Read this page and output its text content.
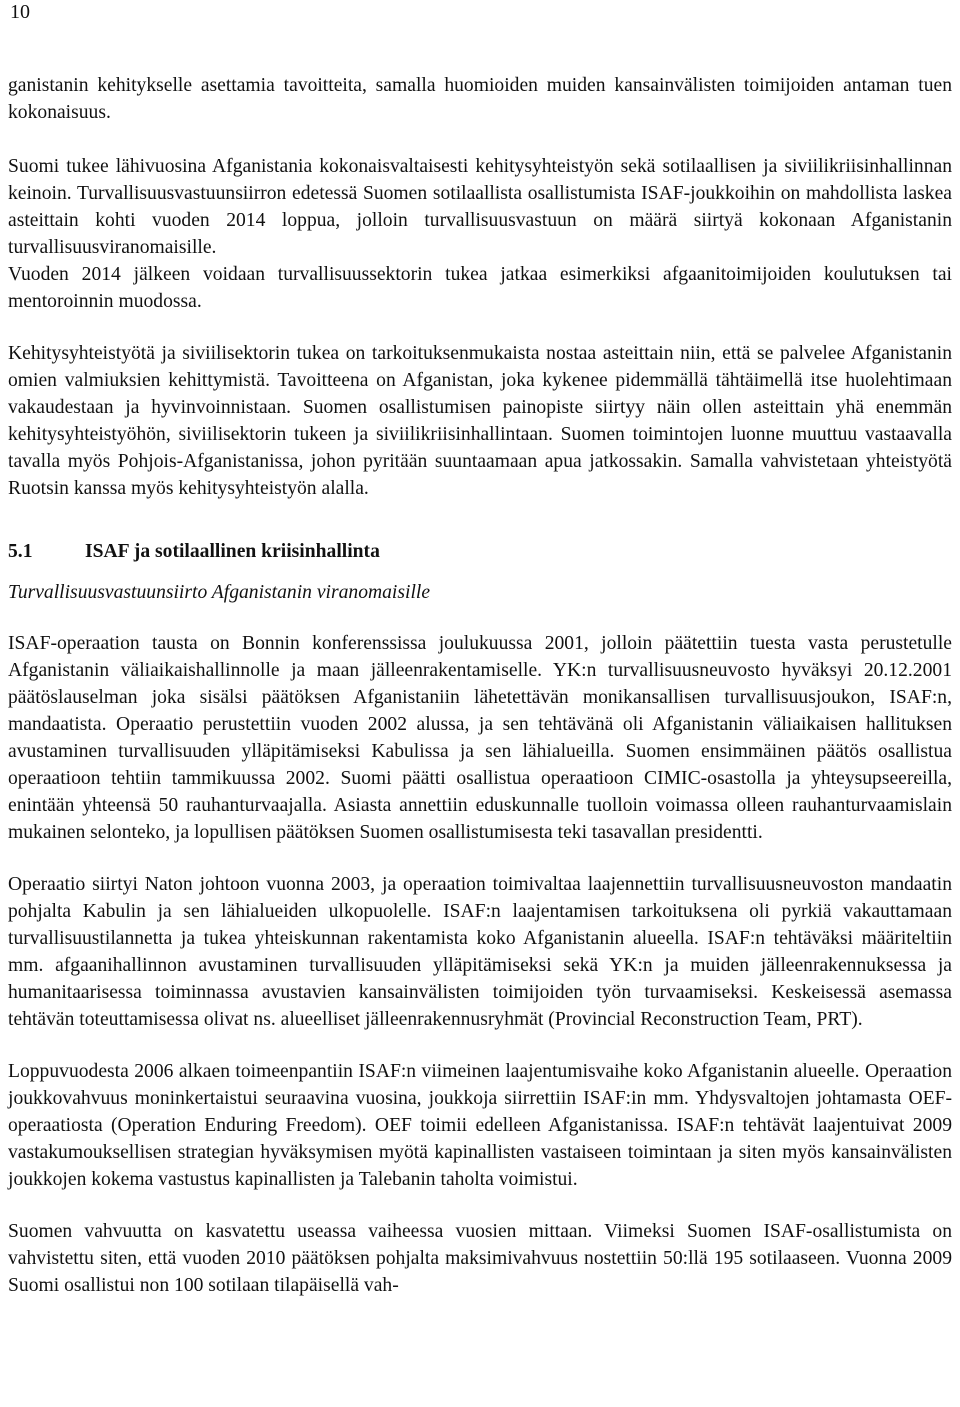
10

ganistanin kehitykselle asettamia tavoitteita, samalla huomioiden muiden kansainvälisten toimijoiden antaman tuen kokonaisuus.

Suomi tukee lähivuosina Afganistania kokonaisvaltaisesti kehitysyhteistyön sekä sotilaallisen ja siviilikriisinhallinnan keinoin. Turvallisuusvastuunsiirron edetessä Suomen sotilaallista osallistumista ISAF-joukkoihin on mahdollista laskea asteittain kohti vuoden 2014 loppua, jolloin turvallisuusvastuun on määrä siirtyä kokonaan Afganistanin turvallisuusviranomaisille.

Vuoden 2014 jälkeen voidaan turvallisuussektorin tukea jatkaa esimerkiksi afgaanitoimijoiden koulutuksen tai mentoroinnin muodossa.

Kehitysyhteistyötä ja siviilisektorin tukea on tarkoituksenmukaista nostaa asteittain niin, että se palvelee Afganistanin omien valmiuksien kehittymistä. Tavoitteena on Afganistan, joka kykenee pidemmällä tähtäimellä itse huolehtimaan vakaudestaan ja hyvinvoinnistaan. Suomen osallistumisen painopiste siirtyy näin ollen asteittain yhä enemmän kehitysyhteistyöhön, siviilisektorin tukeen ja siviilikriisinhallintaan. Suomen toimintojen luonne muuttuu vastaavalla tavalla myös Pohjois-Afganistanissa, johon pyritään suuntaamaan apua jatkossakin. Samalla vahvistetaan yhteistyötä Ruotsin kanssa myös kehitysyhteistyön alalla.

5.1	ISAF ja sotilaallinen kriisinhallinta
Turvallisuusvastuunsiirto Afganistanin viranomaisille

ISAF-operaation tausta on Bonnin konferenssissa joulukuussa 2001, jolloin päätettiin tuesta vasta perustetulle Afganistanin väliaikaishallinnolle ja maan jälleenrakentamiselle. YK:n turvallisuusneuvosto hyväksyi 20.12.2001 päätöslauselman joka sisälsi päätöksen Afganistaniin lähetettävän monikansallisen turvallisuusjoukon, ISAF:n, mandaatista. Operaatio perustettiin vuoden 2002 alussa, ja sen tehtävänä oli Afganistanin väliaikaisen hallituksen avustaminen turvallisuuden ylläpitämiseksi Kabulissa ja sen lähialueilla. Suomen ensimmäinen päätös osallistua operaatioon tehtiin tammikuussa 2002. Suomi päätti osallistua operaatioon CIMIC-osastolla ja yhteysupseereilla, enintään yhteensä 50 rauhanturvaajalla. Asiasta annettiin eduskunnalle tuolloin voimassa olleen rauhanturvaamislain mukainen selonteko, ja lopullisen päätöksen Suomen osallistumisesta teki tasavallan presidentti.

Operaatio siirtyi Naton johtoon vuonna 2003, ja operaation toimivaltaa laajennettiin turvallisuusneuvoston mandaatin pohjalta Kabulin ja sen lähialueiden ulkopuolelle. ISAF:n laajentamisen tarkoituksena oli pyrkiä vakauttamaan turvallisuustilannetta ja tukea yhteiskunnan rakentamista koko Afganistanin alueella. ISAF:n tehtäväksi määriteltiin mm. afgaanihallinnon avustaminen turvallisuuden ylläpitämiseksi sekä YK:n ja muiden jälleenrakennuksessa ja humanitaarisessa toiminnassa avustavien kansainvälisten toimijoiden työn turvaamiseksi. Keskeisessä asemassa tehtävän toteuttamisessa olivat ns. alueelliset jälleenrakennusryhmät (Provincial Reconstruction Team, PRT).

Loppuvuodesta 2006 alkaen toimeenpantiin ISAF:n viimeinen laajentumisvaihe koko Afganistanin alueelle. Operaation joukkovahvuus moninkertaistui seuraavina vuosina, joukkoja siirrettiin ISAF:in mm. Yhdysvaltojen johtamasta OEF-operaatiosta (Operation Enduring Freedom). OEF toimii edelleen Afganistanissa. ISAF:n tehtävät laajentuivat 2009 vastakumouksellisen strategian hyväksymisen myötä kapinallisten vastaiseen toimintaan ja siten myös kansainvälisten joukkojen kokema vastustus kapinallisten ja Talebanin taholta voimistui.

Suomen vahvuutta on kasvatettu useassa vaiheessa vuosien mittaan. Viimeksi Suomen ISAF-osallistumista on vahvistettu siten, että vuoden 2010 päätöksen pohjalta maksimivahvuus nostettiin 50:llä 195 sotilaaseen. Vuonna 2009 Suomi osallistui non 100 sotilaan tilapäisellä vah-
